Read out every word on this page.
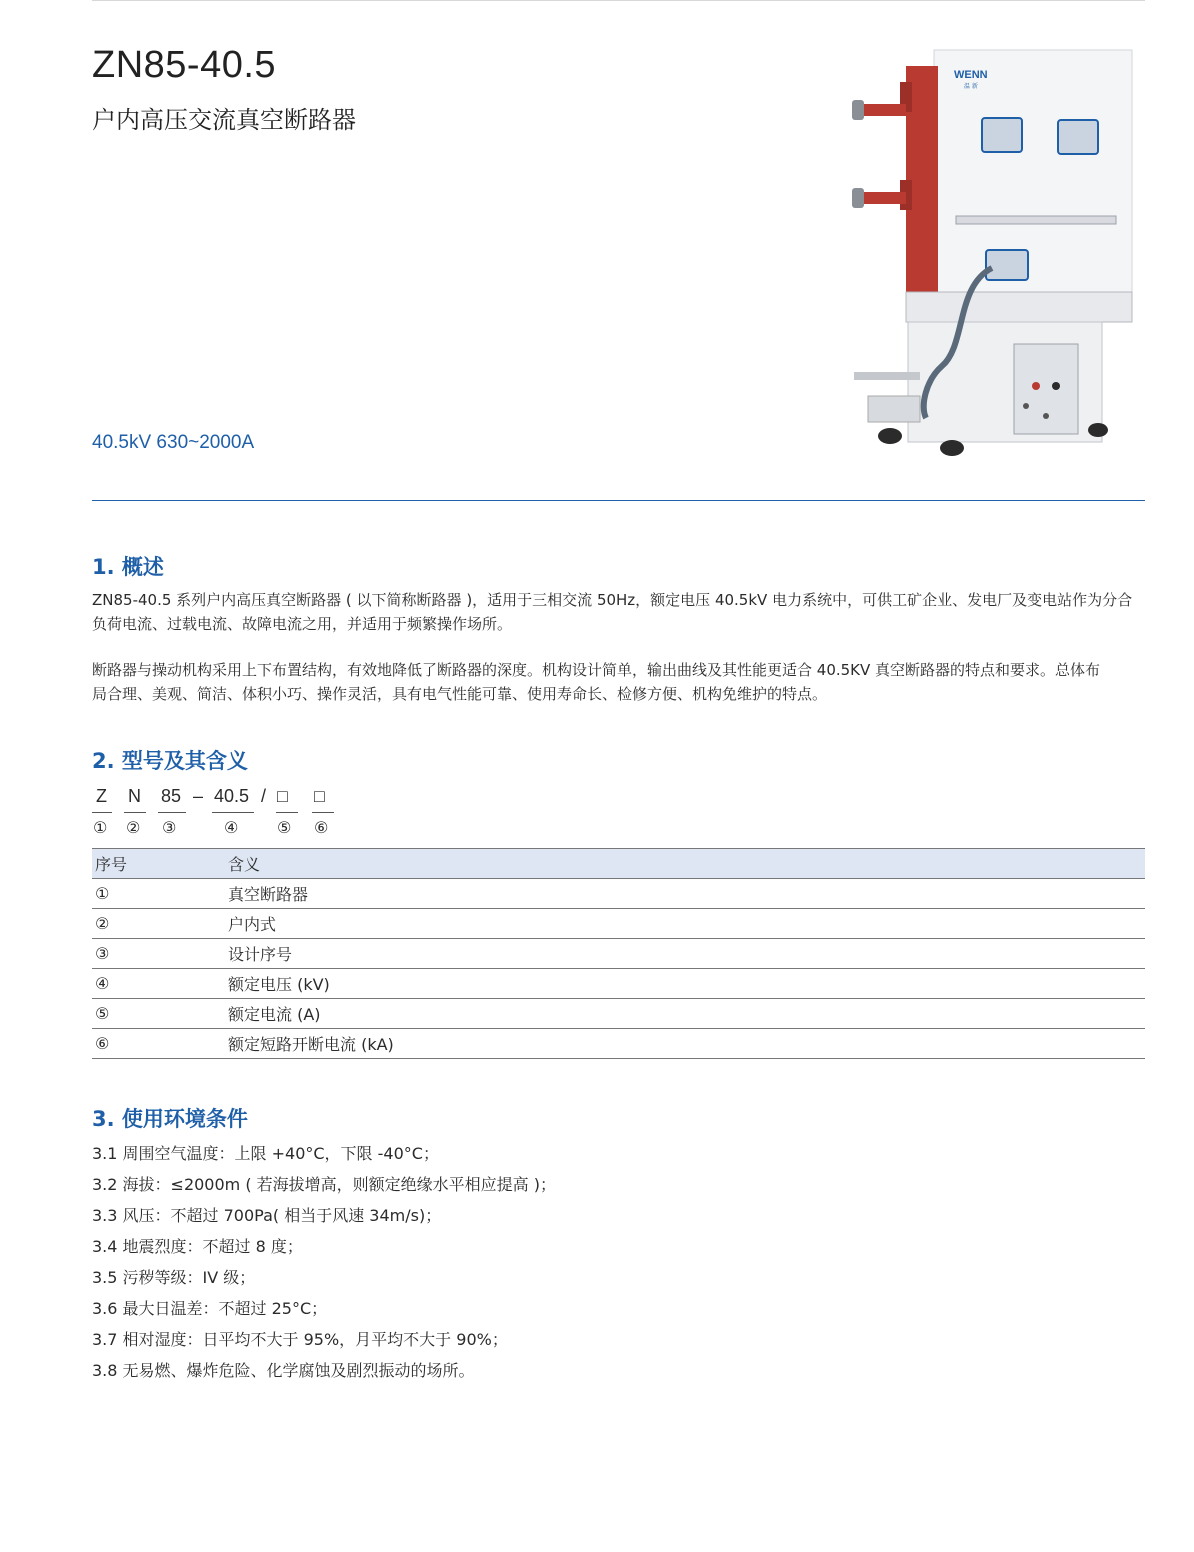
ZN85-40.5
户内高压交流真空断路器
40.5kV 630~2000A
WENN
温 新
1. 概述
ZN85-40.5 系列户内高压真空断路器 ( 以下简称断路器 )，适用于三相交流 50Hz，额定电压 40.5kV 电力系统中，可供工矿企业、发电厂及变电站作为分合
负荷电流、过载电流、故障电流之用，并适用于频繁操作场所。
断路器与操动机构采用上下布置结构，有效地降低了断路器的深度。机构设计简单，输出曲线及其性能更适合 40.5KV 真空断路器的特点和要求。总体布
局合理、美观、简洁、体积小巧、操作灵活，具有电气性能可靠、使用寿命长、检修方便、机构免维护的特点。
2. 型号及其含义
Z N 85 – 40.5 / □ □
① ② ③	④ ⑤ ⑥
序号	含义
①	真空断路器
②	户内式
③	设计序号
④	额定电压 (kV)
⑤	额定电流 (A)
⑥	额定短路开断电流 (kA)
3. 使用环境条件
3.1 周围空气温度：上限 +40°C，下限 -40°C；
3.2 海拔：≤2000m ( 若海拔增高，则额定绝缘水平相应提高 )；
3.3 风压：不超过 700Pa( 相当于风速 34m/s)；
3.4 地震烈度：不超过 8 度；
3.5 污秽等级：IV 级；
3.6 最大日温差：不超过 25°C；
3.7 相对湿度：日平均不大于 95%，月平均不大于 90%；
3.8 无易燃、爆炸危险、化学腐蚀及剧烈振动的场所。
